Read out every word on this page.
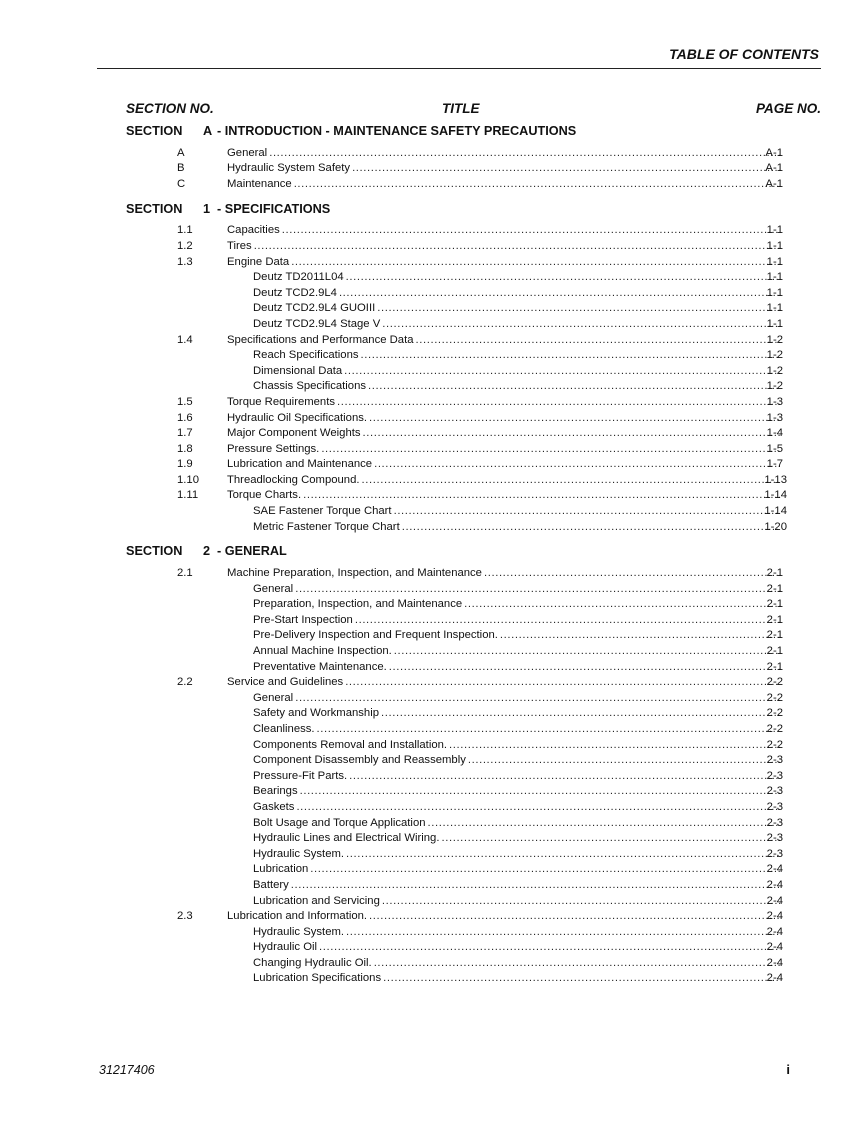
TABLE OF CONTENTS
SECTION NO.	TITLE	PAGE NO.
SECTION A - INTRODUCTION - MAINTENANCE SAFETY PRECAUTIONS
A	General .....	A-1
B	Hydraulic System Safety .....	A-1
C	Maintenance .....	A-1
SECTION 1 - SPECIFICATIONS
1.1	Capacities .....	1-1
1.2	Tires .....	1-1
1.3	Engine Data .....	1-1
Deutz TD2011L04 .....	1-1
Deutz TCD2.9L4 .....	1-1
Deutz TCD2.9L4 GUOIII .....	1-1
Deutz TCD2.9L4 Stage V .....	1-1
1.4	Specifications and Performance Data .....	1-2
Reach Specifications .....	1-2
Dimensional Data .....	1-2
Chassis Specifications .....	1-2
1.5	Torque Requirements .....	1-3
1.6	Hydraulic Oil Specifications. .....	1-3
1.7	Major Component Weights .....	1-4
1.8	Pressure Settings. .....	1-5
1.9	Lubrication and Maintenance .....	1-7
1.10 Threadlocking Compound. .....	1-13
1.11	Torque Charts. .....	1-14
SAE Fastener Torque Chart .....	1-14
Metric Fastener Torque Chart .....	1-20
SECTION 2 - GENERAL
2.1	Machine Preparation, Inspection, and Maintenance .....	2-1
General .....	2-1
Preparation, Inspection, and Maintenance .....	2-1
Pre-Start Inspection .....	2-1
Pre-Delivery Inspection and Frequent Inspection. .....	2-1
Annual Machine Inspection. .....	2-1
Preventative Maintenance. .....	2-1
2.2	Service and Guidelines .....	2-2
General .....	2-2
Safety and Workmanship .....	2-2
Cleanliness. .....	2-2
Components Removal and Installation. .....	2-2
Component Disassembly and Reassembly .....	2-3
Pressure-Fit Parts. .....	2-3
Bearings .....	2-3
Gaskets .....	2-3
Bolt Usage and Torque Application .....	2-3
Hydraulic Lines and Electrical Wiring. .....	2-3
Hydraulic System. .....	2-3
Lubrication .....	2-4
Battery .....	2-4
Lubrication and Servicing .....	2-4
2.3	Lubrication and Information. .....	2-4
Hydraulic System. .....	2-4
Hydraulic Oil .....	2-4
Changing Hydraulic Oil. .....	2-4
Lubrication Specifications .....	2-4
31217406	i
